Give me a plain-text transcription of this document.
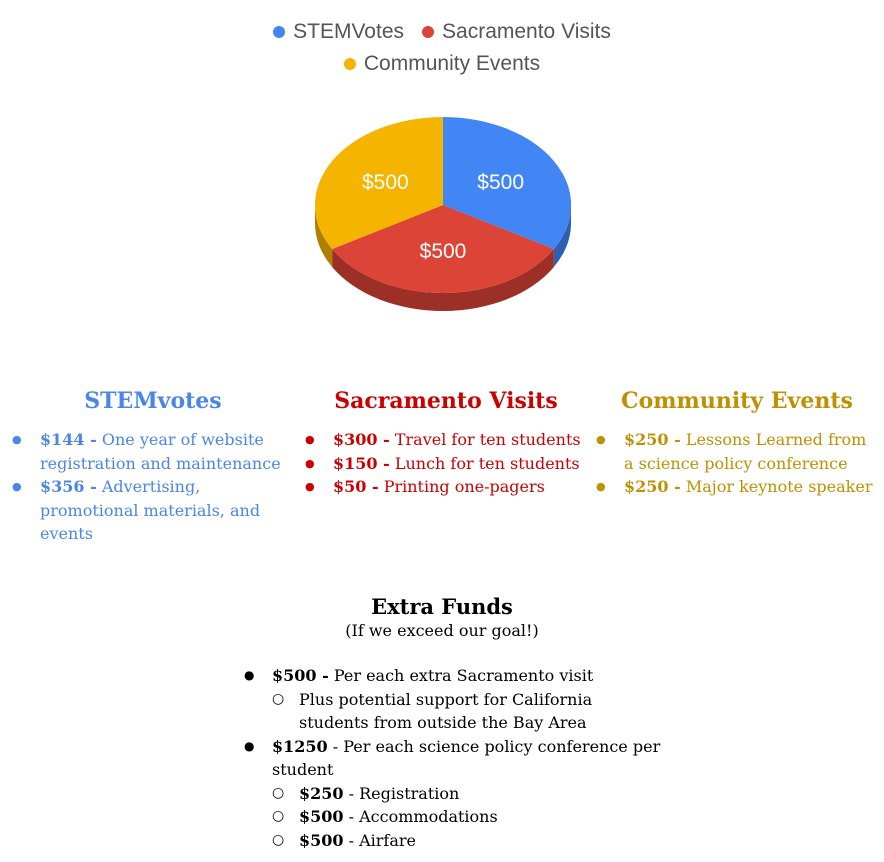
STEMVotes Sacramento Visits
Community Events
$500
$500
$500
STEMvotes
● $144 - One year of website registration and maintenance
● $356 - Advertising, promotional materials, and events
Sacramento Visits
● $300 - Travel for ten students
● $150 - Lunch for ten students
● $50 - Printing one-pagers
Community Events
● $250 - Lessons Learned from a science policy conference
● $250 - Major keynote speaker
Extra Funds
(If we exceed our goal!)
● $500 - Per each extra Sacramento visit
○ Plus potential support for California students from outside the Bay Area
● $1250 - Per each science policy conference per student
○ $250 - Registration
○ $500 - Accommodations
○ $500 - Airfare
